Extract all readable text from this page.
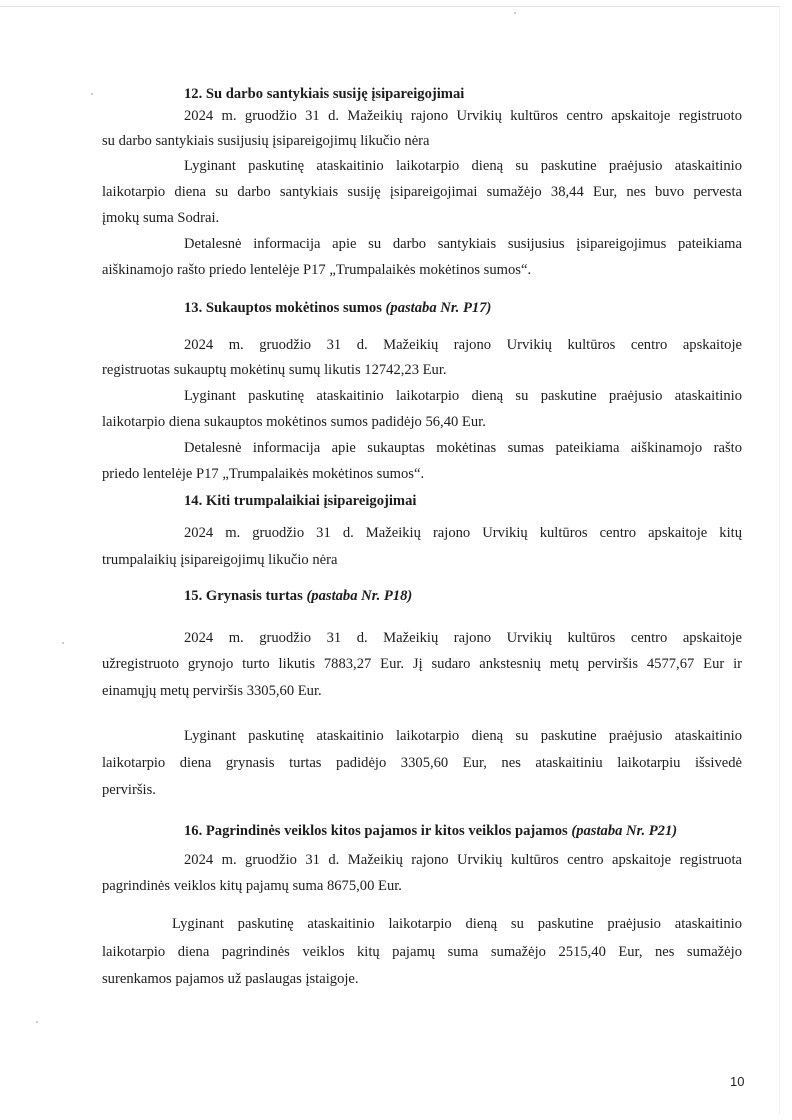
12. Su darbo santykiais susiję įsipareigojimai
2024 m. gruodžio 31 d. Mažeikių rajono Urvikių kultūros centro apskaitoje registruoto
su darbo santykiais susijusių įsipareigojimų likučio nėra
Lyginant paskutinę ataskaitinio laikotarpio dieną su paskutine praėjusio ataskaitinio
laikotarpio diena su darbo santykiais susiję įsipareigojimai sumažėjo 38,44 Eur, nes buvo pervesta
įmokų suma Sodrai.
Detalesnė informacija apie su darbo santykiais susijusius įsipareigojimus pateikiama
aiškinamojo rašto priedo lentelėje P17 „Trumpalaikės mokėtinos sumos“.
13. Sukauptos mokėtinos sumos (pastaba Nr. P17)
2024 m. gruodžio 31 d. Mažeikių rajono Urvikių kultūros centro apskaitoje
registruotas sukauptų mokėtinų sumų likutis 12742,23 Eur.
Lyginant paskutinę ataskaitinio laikotarpio dieną su paskutine praėjusio ataskaitinio
laikotarpio diena sukauptos mokėtinos sumos padidėjo 56,40 Eur.
Detalesnė informacija apie sukauptas mokėtinas sumas pateikiama aiškinamojo rašto
priedo lentelėje P17 „Trumpalaikės mokėtinos sumos“.
14. Kiti trumpalaikiai įsipareigojimai
2024 m. gruodžio 31 d. Mažeikių rajono Urvikių kultūros centro apskaitoje kitų
trumpalaikių įsipareigojimų likučio nėra
15. Grynasis turtas (pastaba Nr. P18)
2024 m. gruodžio 31 d. Mažeikių rajono Urvikių kultūros centro apskaitoje
užregistruoto grynojo turto likutis 7883,27 Eur. Jį sudaro ankstesnių metų perviršis 4577,67 Eur ir
einamųjų metų perviršis 3305,60 Eur.
Lyginant paskutinę ataskaitinio laikotarpio dieną su paskutine praėjusio ataskaitinio
laikotarpio diena grynasis turtas padidėjo 3305,60 Eur, nes ataskaitiniu laikotarpiu išsivedė
perviršis.
16. Pagrindinės veiklos kitos pajamos ir kitos veiklos pajamos (pastaba Nr. P21)
2024 m. gruodžio 31 d. Mažeikių rajono Urvikių kultūros centro apskaitoje registruota
pagrindinės veiklos kitų pajamų suma 8675,00 Eur.
Lyginant paskutinę ataskaitinio laikotarpio dieną su paskutine praėjusio ataskaitinio
laikotarpio diena pagrindinės veiklos kitų pajamų suma sumažėjo 2515,40 Eur, nes sumažėjo
surenkamos pajamos už paslaugas įstaigoje.
10
